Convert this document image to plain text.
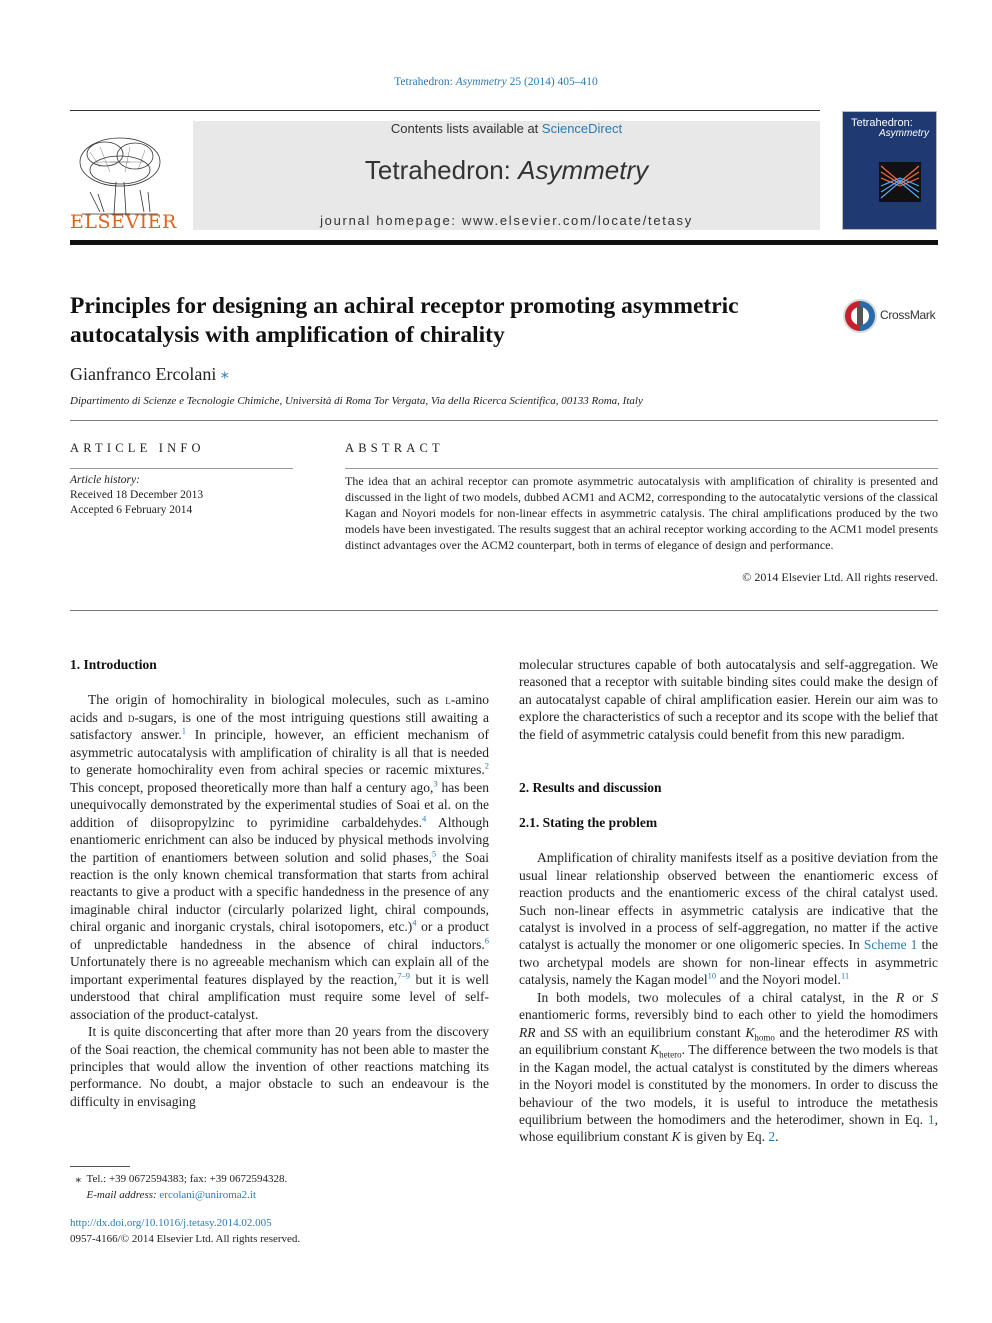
Tetrahedron: Asymmetry 25 (2014) 405–410
ELSEVIER
Contents lists available at ScienceDirect
Tetrahedron: Asymmetry
journal homepage: www.elsevier.com/locate/tetasy
Tetrahedron:
Asymmetry
Principles for designing an achiral receptor promoting asymmetric autocatalysis with amplification of chirality
CrossMark
Gianfranco Ercolani ⁎
Dipartimento di Scienze e Tecnologie Chimiche, Università di Roma Tor Vergata, Via della Ricerca Scientifica, 00133 Roma, Italy
ARTICLE INFO
Article history:
Received 18 December 2013
Accepted 6 February 2014
ABSTRACT
The idea that an achiral receptor can promote asymmetric autocatalysis with amplification of chirality is presented and discussed in the light of two models, dubbed ACM1 and ACM2, corresponding to the autocatalytic versions of the classical Kagan and Noyori models for non-linear effects in asymmetric catalysis. The chiral amplifications produced by the two models have been investigated. The results suggest that an achiral receptor working according to the ACM1 model presents distinct advantages over the ACM2 counterpart, both in terms of elegance of design and performance.
© 2014 Elsevier Ltd. All rights reserved.

1. Introduction

The origin of homochirality in biological molecules, such as l-amino acids and d-sugars, is one of the most intriguing questions still awaiting a satisfactory answer.$^1$ In principle, however, an efficient mechanism of asymmetric autocatalysis with amplification of chirality is all that is needed to generate homochirality even from achiral species or racemic mixtures.$^2$ This concept, proposed theoretically more than half a century ago,$^3$ has been unequivocally demonstrated by the experimental studies of Soai et al. on the addition of diisopropylzinc to pyrimidine carbaldehydes.$^4$ Although enantiomeric enrichment can also be induced by physical methods involving the partition of enantiomers between solution and solid phases,$^5$ the Soai reaction is the only known chemical transformation that starts from achiral reactants to give a product with a specific handedness in the presence of any imaginable chiral inductor (circularly polarized light, chiral compounds, chiral organic and inorganic crystals, chiral isotopomers, etc.)$^4$ or a product of unpredictable handedness in the absence of chiral inductors.$^6$ Unfortunately there is no agreeable mechanism which can explain all of the important experimental features displayed by the reaction,$^{7-9}$ but it is well understood that chiral amplification must require some level of self-association of the product-catalyst.

It is quite disconcerting that after more than 20 years from the discovery of the Soai reaction, the chemical community has not been able to master the principles that would allow the invention of other reactions matching its performance. No doubt, a major obstacle to such an endeavour is the difficulty in envisaging

⁎ Tel.: +39 0672594383; fax: +39 0672594328.
E-mail address: ercolani@uniroma2.it
http://dx.doi.org/10.1016/j.tetasy.2014.02.005
0957-4166/© 2014 Elsevier Ltd. All rights reserved.

molecular structures capable of both autocatalysis and self-aggregation. We reasoned that a receptor with suitable binding sites could make the design of an autocatalyst capable of chiral amplification easier. Herein our aim was to explore the characteristics of such a receptor and its scope with the belief that the field of asymmetric catalysis could benefit from this new paradigm.

2. Results and discussion

2.1. Stating the problem

Amplification of chirality manifests itself as a positive deviation from the usual linear relationship observed between the enantiomeric excess of reaction products and the enantiomeric excess of the chiral catalyst used. Such non-linear effects in asymmetric catalysis are indicative that the catalyst is involved in a process of self-aggregation, no matter if the active catalyst is actually the monomer or one oligomeric species. In Scheme 1 the two archetypal models are shown for non-linear effects in asymmetric catalysis, namely the Kagan model$^{10}$ and the Noyori model.$^{11}$

In both models, two molecules of a chiral catalyst, in the R or S enantiomeric forms, reversibly bind to each other to yield the homodimers RR and SS with an equilibrium constant $K_{homo}$ and the heterodimer RS with an equilibrium constant $K_{hetero}$. The difference between the two models is that in the Kagan model, the actual catalyst is constituted by the dimers whereas in the Noyori model is constituted by the monomers. In order to discuss the behaviour of the two models, it is useful to introduce the metathesis equilibrium between the homodimers and the heterodimer, shown in Eq. 1, whose equilibrium constant K is given by Eq. 2.
